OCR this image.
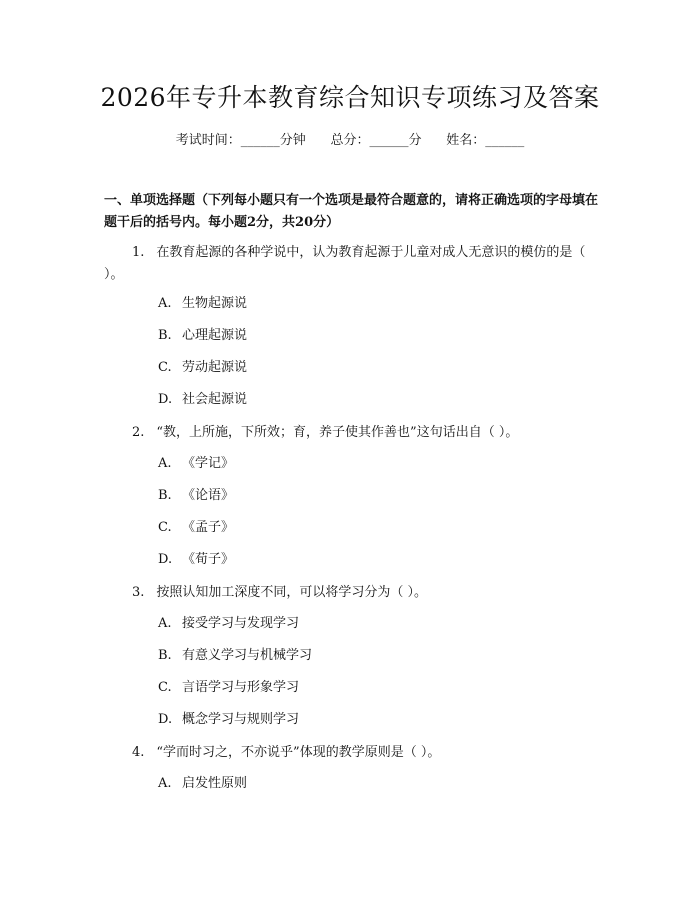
2026年专升本教育综合知识专项练习及答案
考试时间：______分钟      总分：______分      姓名：______
一、单项选择题（下列每小题只有一个选项是最符合题意的，请将正确选项的字母填在题干后的括号内。每小题2分，共20分）
1. 在教育起源的各种学说中，认为教育起源于儿童对成人无意识的模仿的是（ ）。
A. 生物起源说
B. 心理起源说
C. 劳动起源说
D. 社会起源说
2. “教，上所施，下所效；育，养子使其作善也”这句话出自（ ）。
A. 《学记》
B. 《论语》
C. 《孟子》
D. 《荀子》
3. 按照认知加工深度不同，可以将学习分为（ ）。
A. 接受学习与发现学习
B. 有意义学习与机械学习
C. 言语学习与形象学习
D. 概念学习与规则学习
4. “学而时习之，不亦说乎”体现的教学原则是（ ）。
A. 启发性原则
